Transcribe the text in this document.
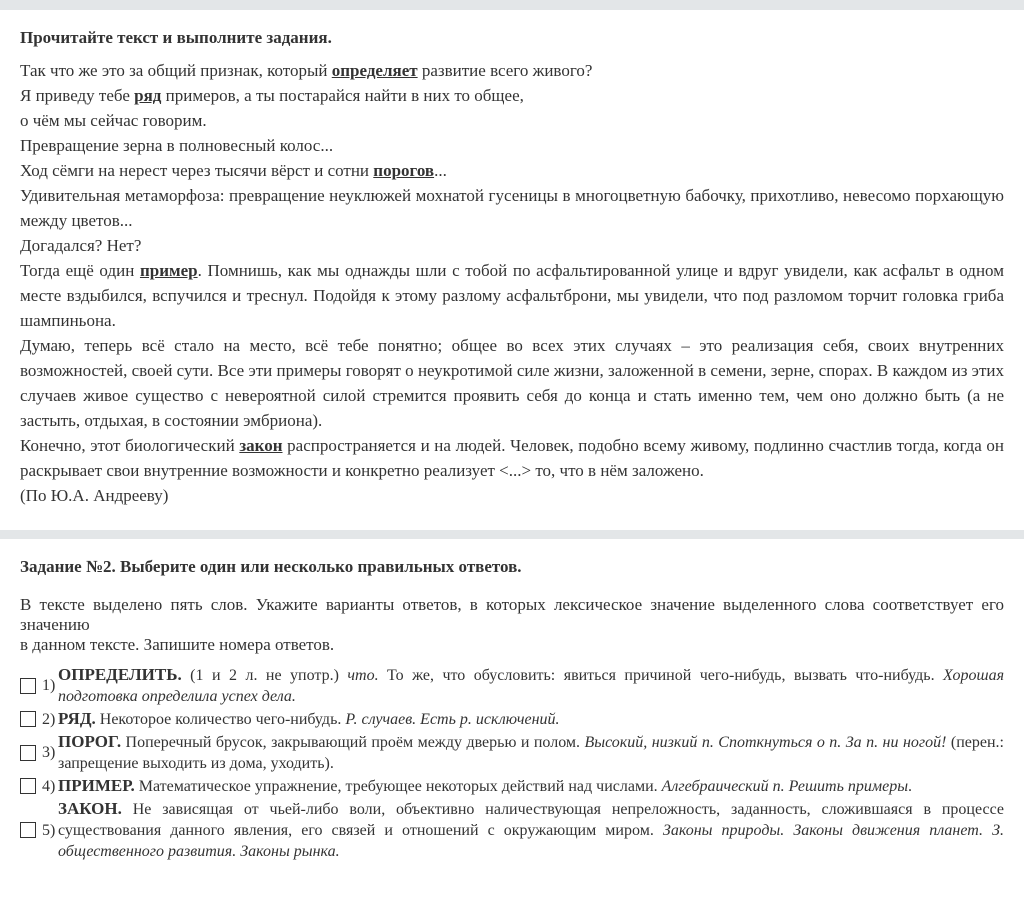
Прочитайте текст и выполните задания.

Так что же это за общий признак, который определяет развитие всего живого?

Я приведу тебе ряд примеров, а ты постарайся найти в них то общее,

о чём мы сейчас говорим.

Превращение зерна в полновесный колос...

Ход сёмги на нерест через тысячи вёрст и сотни порогов...

Удивительная метаморфоза: превращение неуклюжей мохнатой гусеницы в многоцветную бабочку, прихотливо, невесомо порхающую между цветов...

Догадался? Нет?

Тогда ещё один пример. Помнишь, как мы однажды шли с тобой по асфальтированной улице и вдруг увидели, как асфальт в одном месте вздыбился, вспучился и треснул. Подойдя к этому разлому асфальтброни, мы увидели, что под разломом торчит головка гриба шампиньона.

Думаю, теперь всё стало на место, всё тебе понятно; общее во всех этих случаях – это реализация себя, своих внутренних возможностей, своей сути. Все эти примеры говорят о неукротимой силе жизни, заложенной в семени, зерне, спорах. В каждом из этих случаев живое существо с невероятной силой стремится проявить себя до конца и стать именно тем, чем оно должно быть (а не застыть, отдыхая, в состоянии эмбриона).

Конечно, этот биологический закон распространяется и на людей. Человек, подобно всему живому, подлинно счастлив тогда, когда он раскрывает свои внутренние возможности и конкретно реализует <...> то, что в нём заложено.

(По Ю.А. Андрееву)

Задание №2. Выберите один или несколько правильных ответов.
В тексте выделено пять слов. Укажите варианты ответов, в которых лексическое значение выделенного слова соответствует его значению
в данном тексте. Запишите номера ответов.
1)
ОПРЕДЕЛИТЬ. (1 и 2 л. не употр.) что. То же, что обусловить: явиться причиной чего-нибудь, вызвать что-нибудь. Хорошая подготовка определила успех дела.
2) РЯД. Некоторое количество чего-нибудь. Р. случаев. Есть р. исключений.
3)
ПОРОГ. Поперечный брусок, закрывающий проём между дверью и полом. Высокий, низкий п. Споткнуться о п. За п. ни ногой! (перен.: запрещение выходить из дома, уходить).
4) ПРИМЕР. Математическое упражнение, требующее некоторых действий над числами. Алгебраический п. Решить примеры.
5)
ЗАКОН. Не зависящая от чьей-либо воли, объективно наличествующая непреложность, заданность, сложившаяся в процессе существования данного явления, его связей и отношений с окружающим миром. Законы природы. Законы движения планет. З. общественного развития. Законы рынка.
